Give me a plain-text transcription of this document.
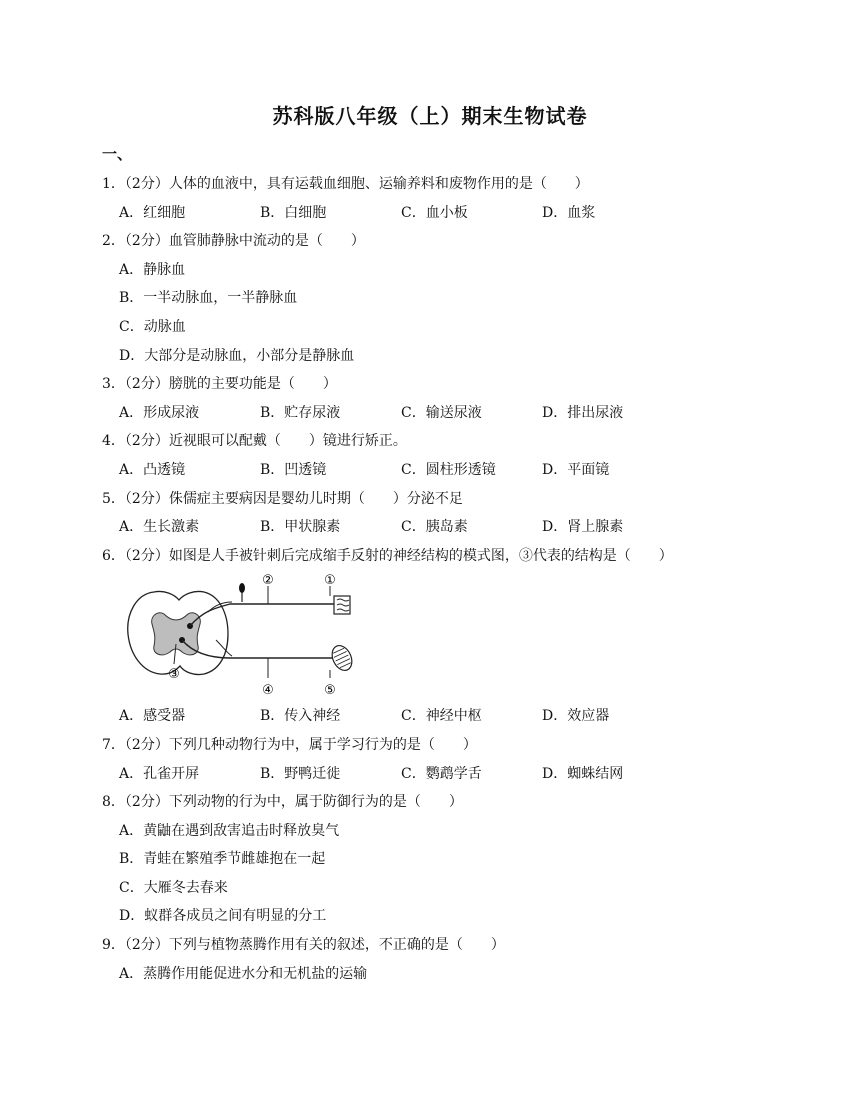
苏科版八年级（上）期末生物试卷
一、
1．（2分）人体的血液中，具有运载血细胞、运输养料和废物作用的是（　　）
A．红细胞	B．白细胞	C．血小板	D．血浆
2．（2分）血管肺静脉中流动的是（　　）
A．静脉血
B．一半动脉血，一半静脉血
C．动脉血
D．大部分是动脉血，小部分是静脉血
3．（2分）膀胱的主要功能是（　　）
A．形成尿液	B．贮存尿液	C．输送尿液	D．排出尿液
4．（2分）近视眼可以配戴（　　）镜进行矫正。
A．凸透镜	B．凹透镜	C．圆柱形透镜	D．平面镜
5．（2分）侏儒症主要病因是婴幼儿时期（　　）分泌不足
A．生长激素	B．甲状腺素	C．胰岛素	D．肾上腺素
6．（2分）如图是人手被针刺后完成缩手反射的神经结构的模式图，③代表的结构是（　　）
②	①
③
④	⑤
A．感受器	B．传入神经	C．神经中枢	D．效应器
7．（2分）下列几种动物行为中，属于学习行为的是（　　）
A．孔雀开屏	B．野鸭迁徙	C．鹦鹉学舌	D．蜘蛛结网
8．（2分）下列动物的行为中，属于防御行为的是（　　）
A．黄鼬在遇到敌害追击时释放臭气
B．青蛙在繁殖季节雌雄抱在一起
C．大雁冬去春来
D．蚁群各成员之间有明显的分工
9．（2分）下列与植物蒸腾作用有关的叙述，不正确的是（　　）
A．蒸腾作用能促进水分和无机盐的运输
